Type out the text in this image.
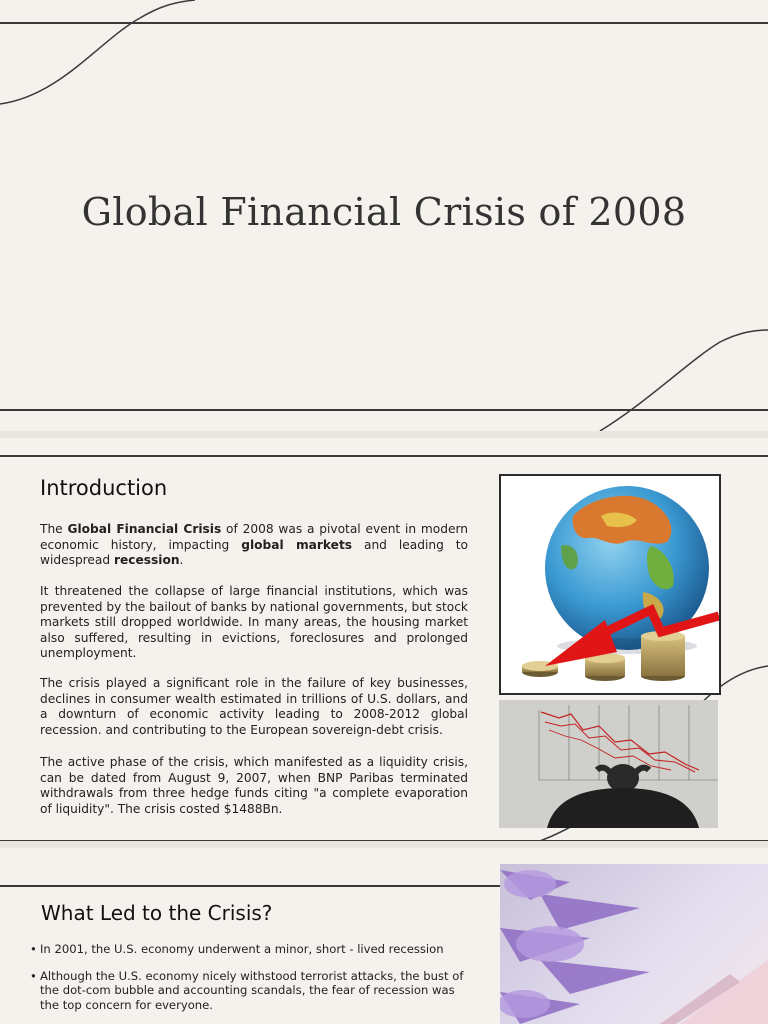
Global Financial Crisis of 2008
Introduction

The Global Financial Crisis of 2008 was a pivotal event in modern economic history, impacting global markets and leading to widespread recession.

It threatened the collapse of large financial institutions, which was prevented by the bailout of banks by national governments, but stock markets still dropped worldwide. In many areas, the housing market also suffered, resulting in evictions, foreclosures and prolonged unemployment.

The crisis played a significant role in the failure of key businesses, declines in consumer wealth estimated in trillions of U.S. dollars, and a downturn of economic activity leading to 2008-2012 global recession. and contributing to the European sovereign-debt crisis.

The active phase of the crisis, which manifested as a liquidity crisis, can be dated from August 9, 2007, when BNP Paribas terminated withdrawals from three hedge funds citing "a complete evaporation of liquidity". The crisis costed $1488Bn.

What Led to the Crisis?
• In 2001, the U.S. economy underwent a minor, short - lived recession
• Although the U.S. economy nicely withstood terrorist attacks, the bust of the dot-com bubble and accounting scandals, the fear of recession was the top concern for everyone.
